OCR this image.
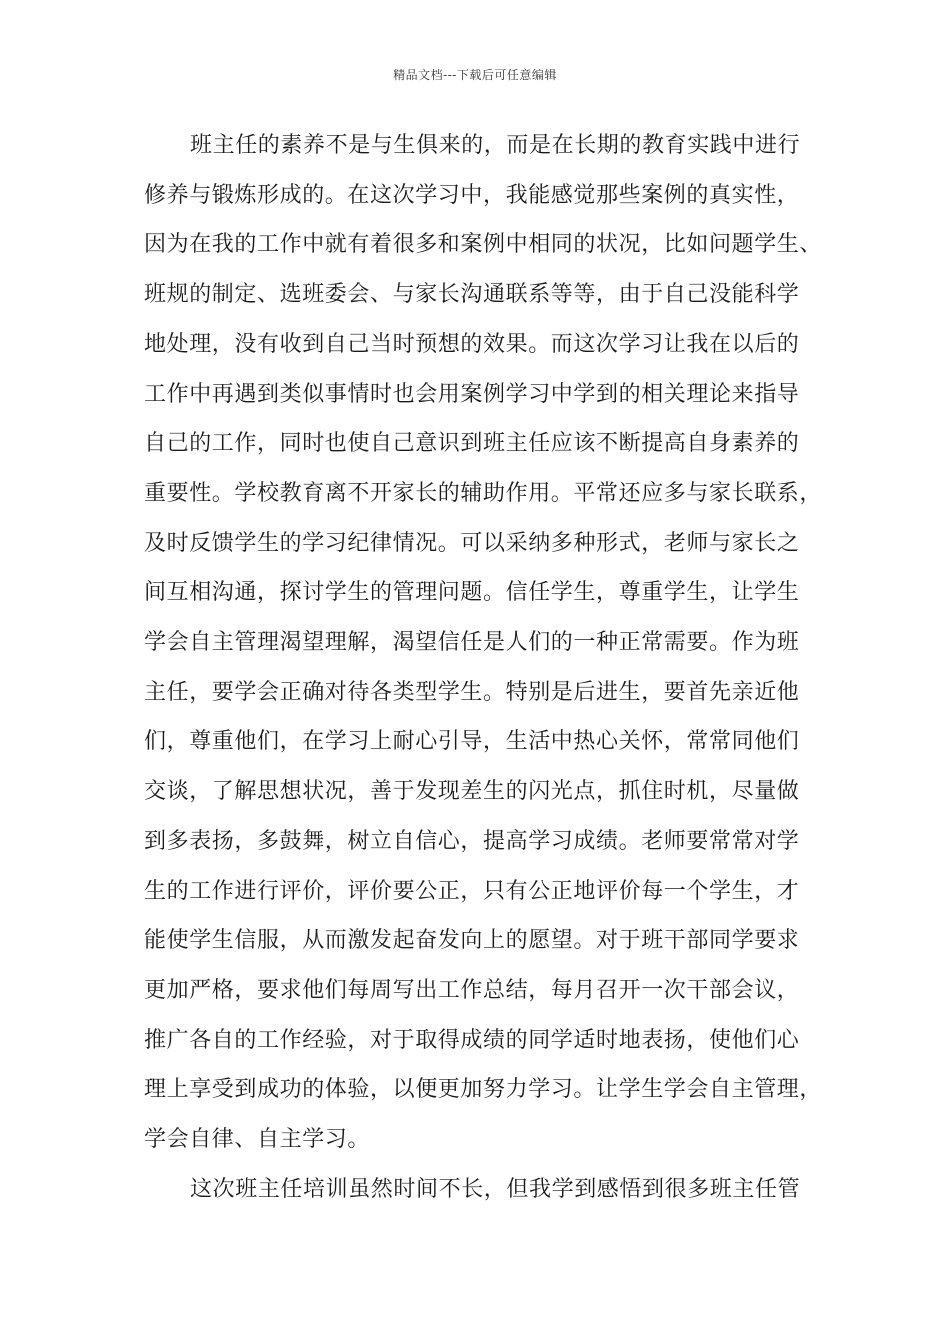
精品文档---下载后可任意编辑
班主任的素养不是与生俱来的，而是在长期的教育实践中进行
修养与锻炼形成的。在这次学习中，我能感觉那些案例的真实性，
因为在我的工作中就有着很多和案例中相同的状况，比如问题学生、
班规的制定、选班委会、与家长沟通联系等等，由于自己没能科学
地处理，没有收到自己当时预想的效果。而这次学习让我在以后的
工作中再遇到类似事情时也会用案例学习中学到的相关理论来指导
自己的工作，同时也使自己意识到班主任应该不断提高自身素养的
重要性。学校教育离不开家长的辅助作用。平常还应多与家长联系，
及时反馈学生的学习纪律情况。可以采纳多种形式，老师与家长之
间互相沟通，探讨学生的管理问题。信任学生，尊重学生，让学生
学会自主管理渴望理解，渴望信任是人们的一种正常需要。作为班
主任，要学会正确对待各类型学生。特别是后进生，要首先亲近他
们，尊重他们，在学习上耐心引导，生活中热心关怀，常常同他们
交谈，了解思想状况，善于发现差生的闪光点，抓住时机，尽量做
到多表扬，多鼓舞，树立自信心，提高学习成绩。老师要常常对学
生的工作进行评价，评价要公正，只有公正地评价每一个学生，才
能使学生信服，从而激发起奋发向上的愿望。对于班干部同学要求
更加严格，要求他们每周写出工作总结，每月召开一次干部会议，
推广各自的工作经验，对于取得成绩的同学适时地表扬，使他们心
理上享受到成功的体验，以便更加努力学习。让学生学会自主管理，
学会自律、自主学习。
这次班主任培训虽然时间不长，但我学到感悟到很多班主任管
